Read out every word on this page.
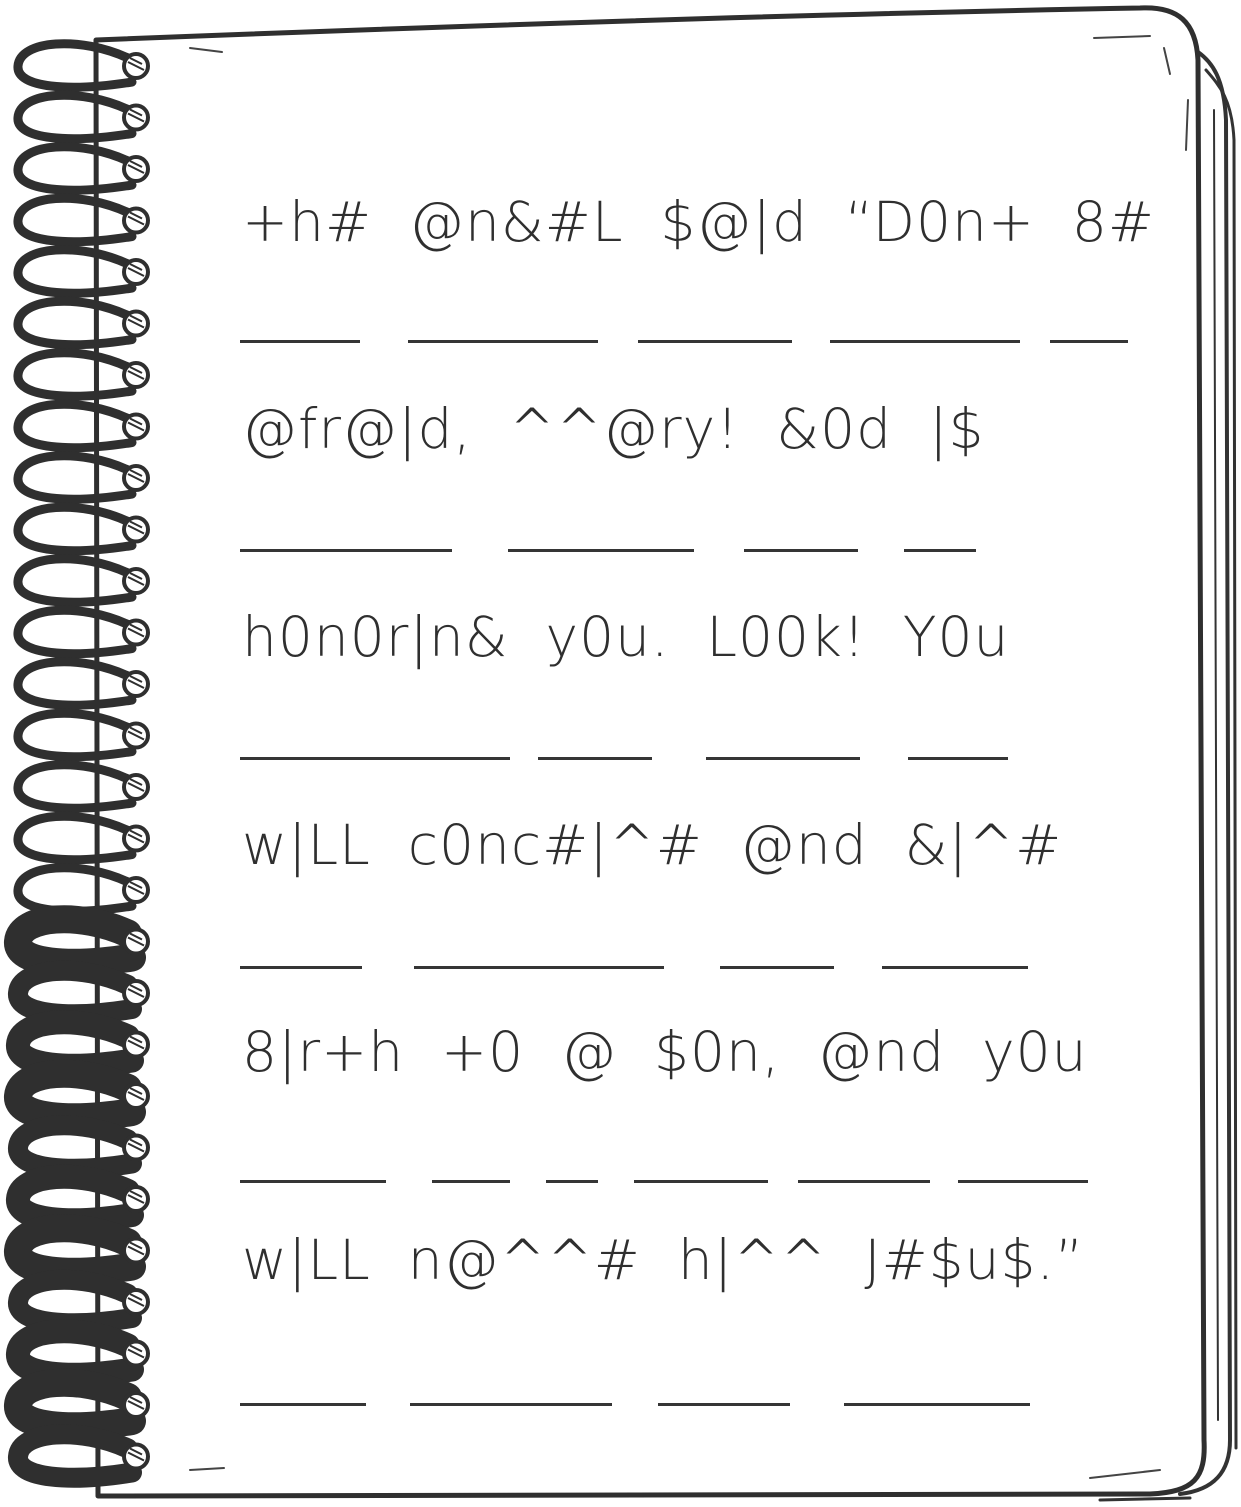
+h#  @n&#L  $@|d  “D0n+  8#

@fr@|d,  ^^@ry!  &0d  |$

h0n0r|n&  y0u.  L00k!  Y0u

w|LL  c0nc#|^#  @nd  &|^#

8|r+h  +0  @  $0n,  @nd  y0u

w|LL  n@^^#  h|^^  J#$u$.”
